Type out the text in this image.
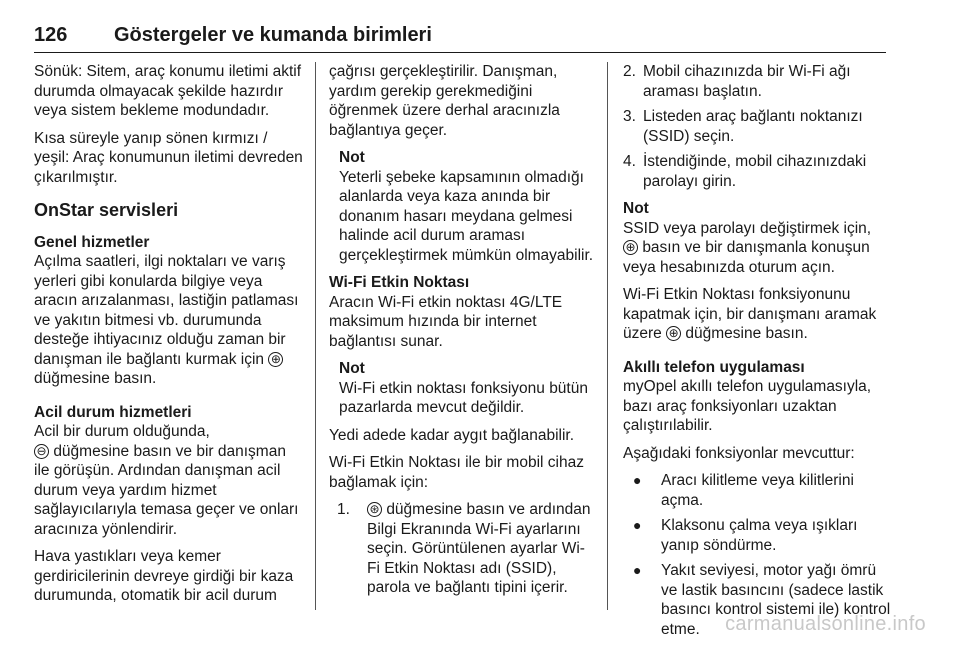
126 Göstergeler ve kumanda birimleri

Sönük: Sitem, araç konumu iletimi aktif durumda olmayacak şekilde hazırdır veya sistem bekleme modundadır.

Kısa süreyle yanıp sönen kırmızı / yeşil: Araç konumunun iletimi devreden çıkarılmıştır.

OnStar servisleri
Genel hizmetler

Açılma saatleri, ilgi noktaları ve varış yerleri gibi konularda bilgiye veya aracın arızalanması, lastiğin patlaması ve yakıtın bitmesi vb. durumunda desteğe ihtiyacınız olduğu zaman bir danışman ile bağlantı kurmak için ⊕ düğmesine basın.

Acil durum hizmetleri

Acil bir durum olduğunda,
⊖ düğmesine basın ve bir danışman ile görüşün. Ardından danışman acil durum veya yardım hizmet sağlayıcılarıyla temasa geçer ve onları aracınıza yönlendirir.

Hava yastıkları veya kemer gerdiricilerinin devreye girdiği bir kaza durumunda, otomatik bir acil durum

çağrısı gerçekleştirilir. Danışman, yardım gerekip gerekmediğini öğrenmek üzere derhal aracınızla bağlantıya geçer.

Not
Yeterli şebeke kapsamının olmadığı alanlarda veya kaza anında bir donanım hasarı meydana gelmesi halinde acil durum araması gerçekleştirmek mümkün olmayabilir.
Wi-Fi Etkin Noktası

Aracın Wi-Fi etkin noktası 4G/LTE maksimum hızında bir internet bağlantısı sunar.

Not
Wi-Fi etkin noktası fonksiyonu bütün pazarlarda mevcut değildir.

Yedi adede kadar aygıt bağlanabilir.

Wi-Fi Etkin Noktası ile bir mobil cihaz bağlamak için:

1. ⊛ düğmesine basın ve ardından Bilgi Ekranında Wi-Fi ayarlarını seçin. Görüntülenen ayarlar Wi-Fi Etkin Noktası adı (SSID), parola ve bağlantı tipini içerir.
2. Mobil cihazınızda bir Wi-Fi ağı araması başlatın.
3. Listeden araç bağlantı noktanızı (SSID) seçin.
4. İstendiğinde, mobil cihazınızdaki parolayı girin.
Not
SSID veya parolayı değiştirmek için,
⊕ basın ve bir danışmanla konuşun veya hesabınızda oturum açın.

Wi-Fi Etkin Noktası fonksiyonunu kapatmak için, bir danışmanı aramak üzere ⊕ düğmesine basın.

Akıllı telefon uygulaması

myOpel akıllı telefon uygulamasıyla, bazı araç fonksiyonları uzaktan çalıştırılabilir.

Aşağıdaki fonksiyonlar mevcuttur:

● Aracı kilitleme veya kilitlerini açma.
● Klaksonu çalma veya ışıkları yanıp söndürme.
● Yakıt seviyesi, motor yağı ömrü ve lastik basıncını (sadece lastik basıncı kontrol sistemi ile) kontrol etme.	carmanualsonline.info
